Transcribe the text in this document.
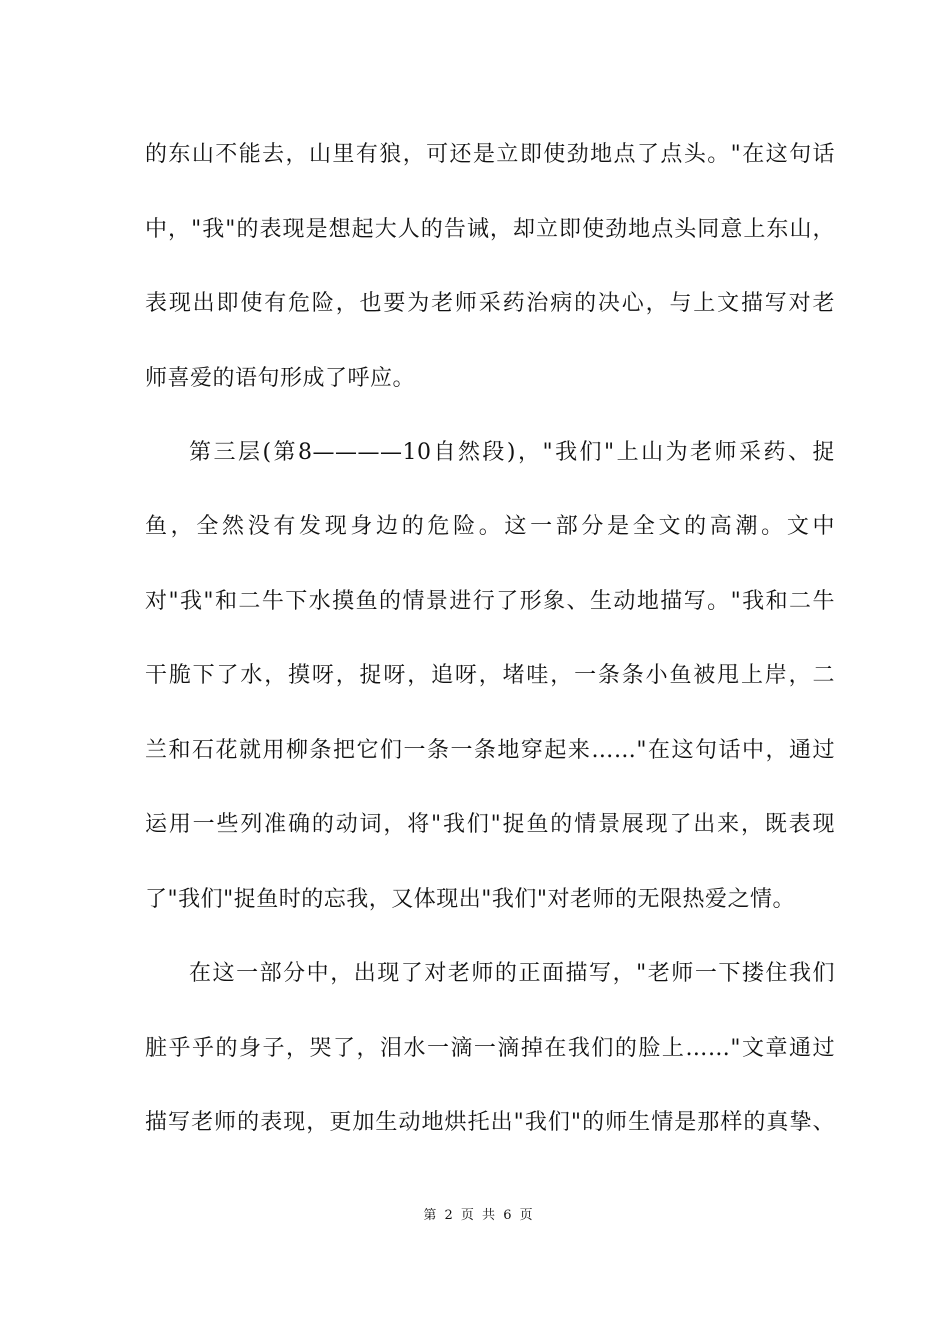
的东山不能去，山里有狼，可还是立即使劲地点了点头。"在这句话
中，"我"的表现是想起大人的告诫，却立即使劲地点头同意上东山，
表现出即使有危险，也要为老师采药治病的决心，与上文描写对老
师喜爱的语句形成了呼应。
第三层(第8————10自然段)，"我们"上山为老师采药、捉
鱼，全然没有发现身边的危险。这一部分是全文的高潮。文中
对"我"和二牛下水摸鱼的情景进行了形象、生动地描写。"我和二牛
干脆下了水，摸呀，捉呀，追呀，堵哇，一条条小鱼被甩上岸，二
兰和石花就用柳条把它们一条一条地穿起来……"在这句话中，通过
运用一些列准确的动词，将"我们"捉鱼的情景展现了出来，既表现
了"我们"捉鱼时的忘我，又体现出"我们"对老师的无限热爱之情。
在这一部分中，出现了对老师的正面描写，"老师一下搂住我们
脏乎乎的身子，哭了，泪水一滴一滴掉在我们的脸上……"文章通过
描写老师的表现，更加生动地烘托出"我们"的师生情是那样的真挚、
第 2 页 共 6 页
